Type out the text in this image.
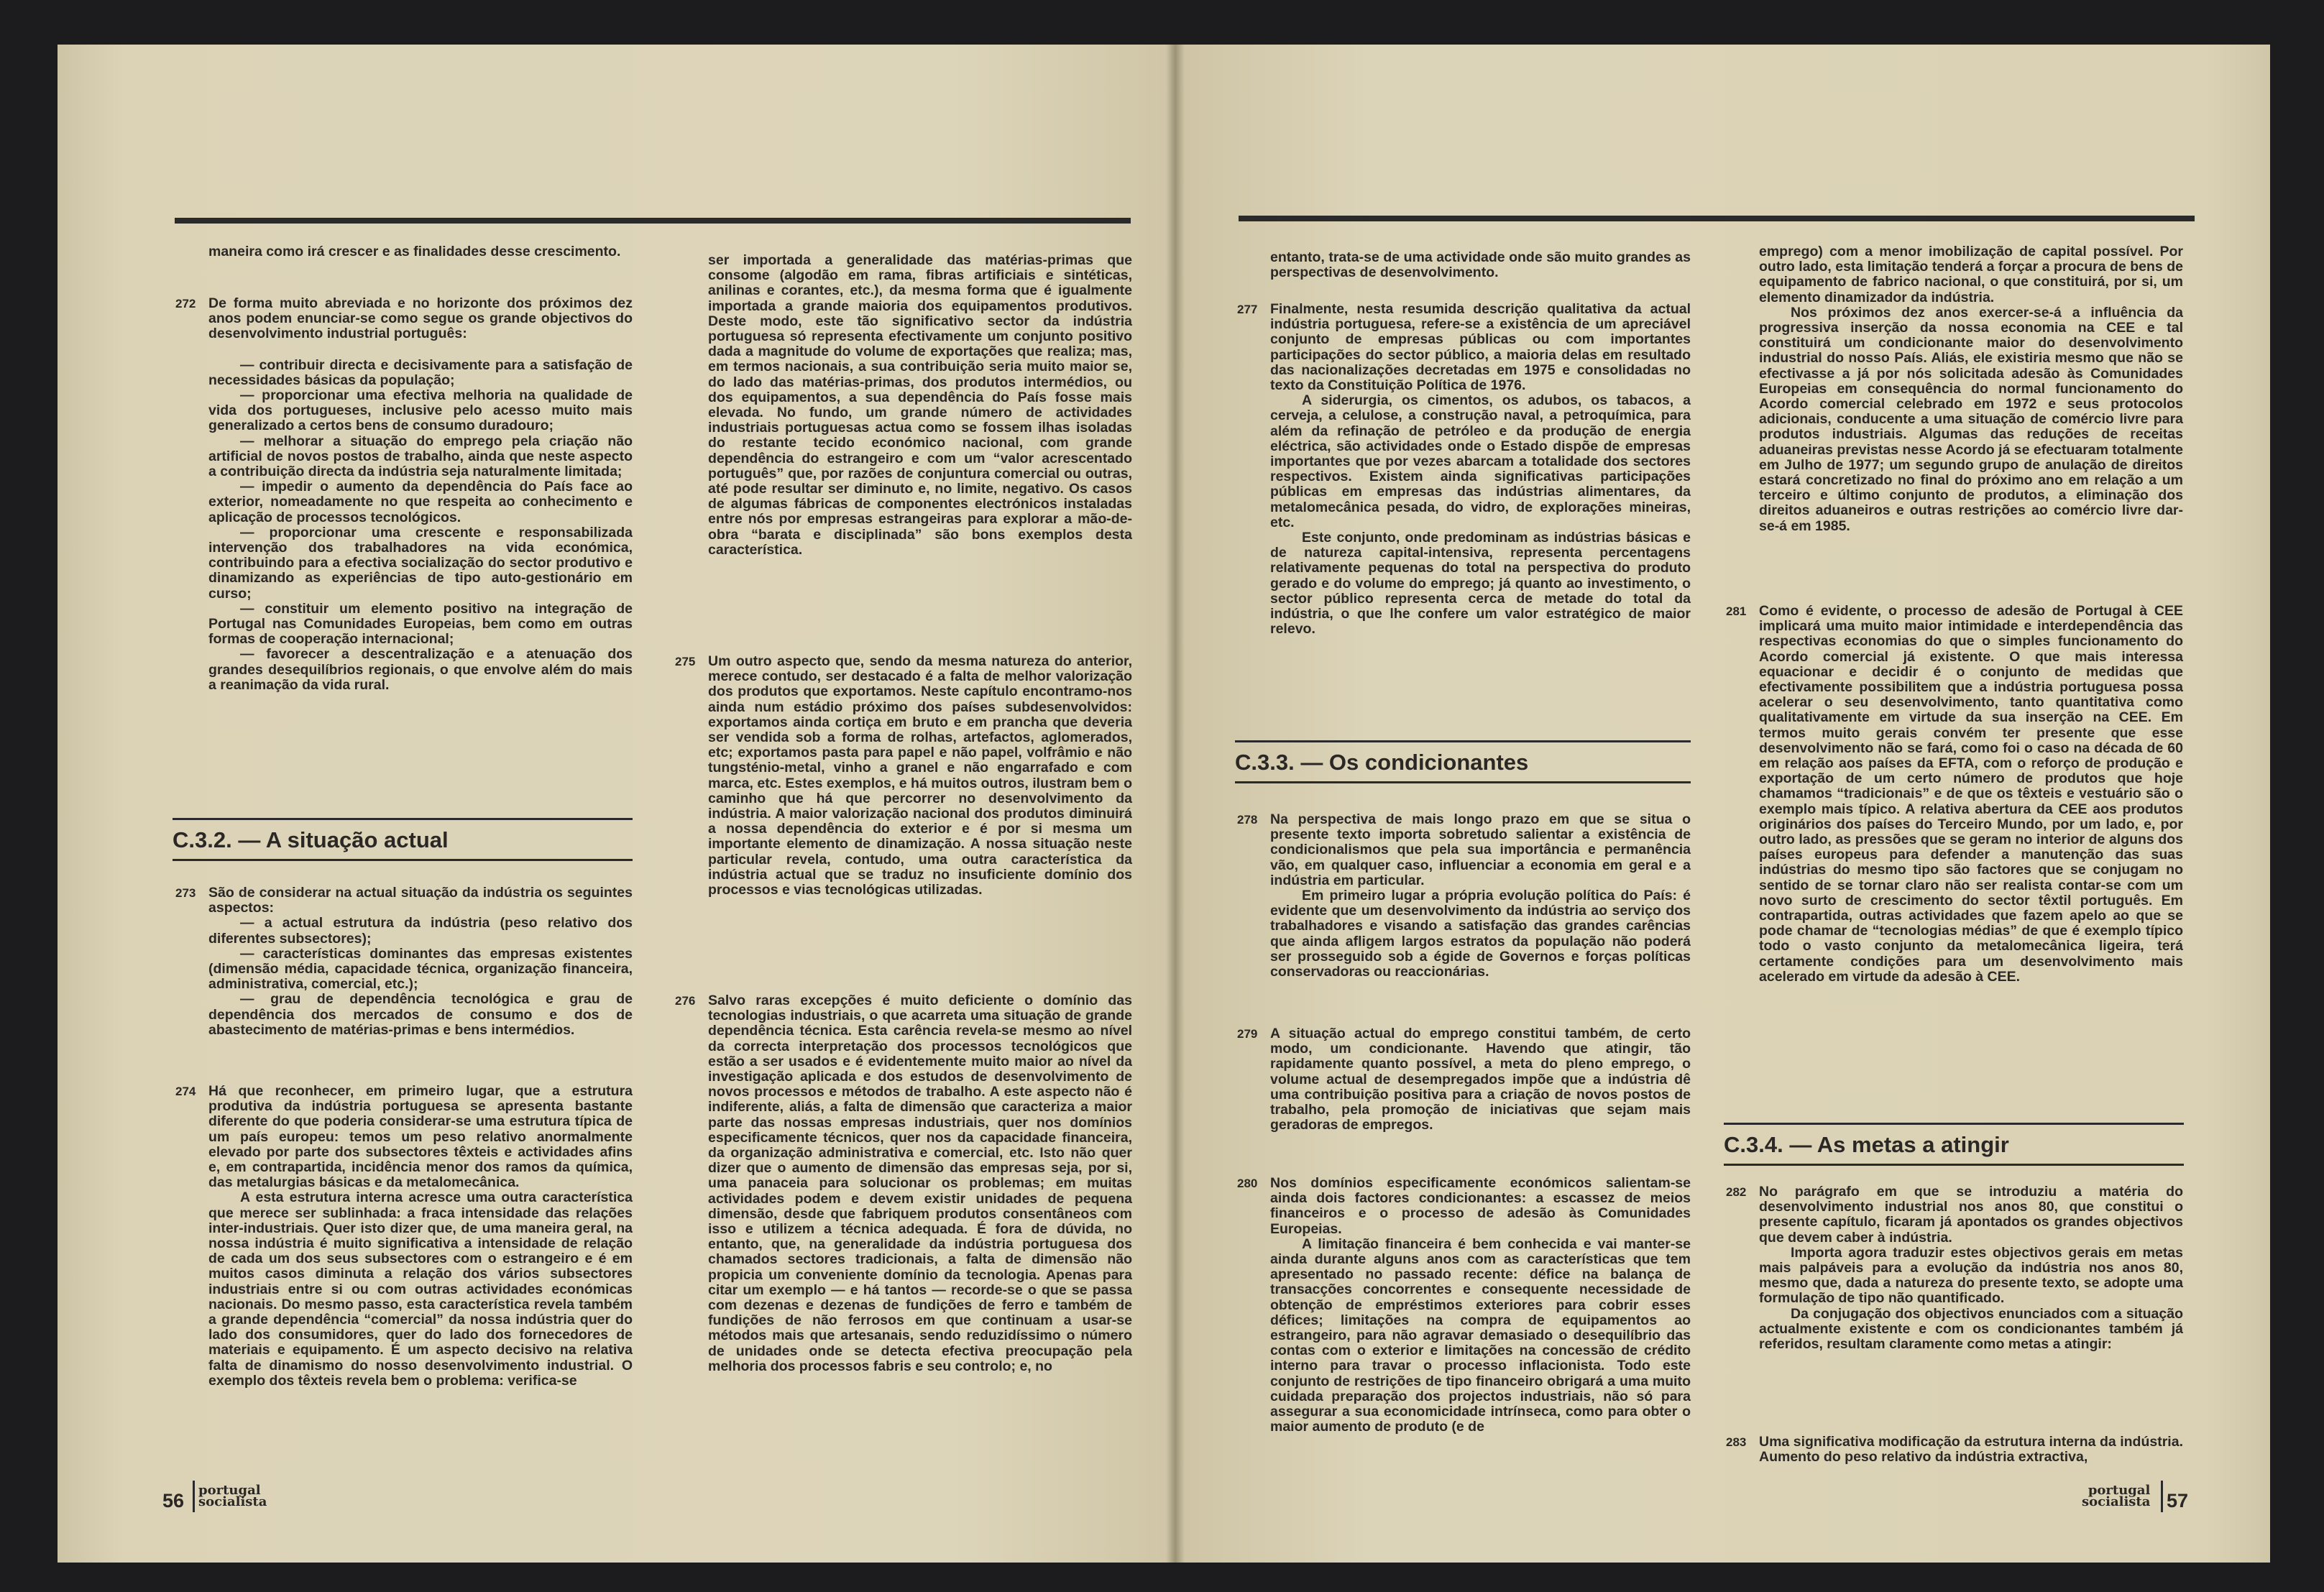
maneira como irá crescer e as finalidades desse crescimento.

272 De forma muito abreviada e no horizonte dos próximos dez anos podem enunciar-se como segue os grande objectivos do desenvolvimento industrial português:

— contribuir directa e decisivamente para a satisfação de necessidades básicas da população;

— proporcionar uma efectiva melhoria na qualidade de vida dos portugueses, inclusive pelo acesso muito mais generalizado a certos bens de consumo duradouro;

— melhorar a situação do emprego pela criação não artificial de novos postos de trabalho, ainda que neste aspecto a contribuição directa da indústria seja naturalmente limitada;

— impedir o aumento da dependência do País face ao exterior, nomeadamente no que respeita ao conhecimento e aplicação de processos tecnológicos.

— proporcionar uma crescente e responsabilizada intervenção dos trabalhadores na vida económica, contribuindo para a efectiva socialização do sector produtivo e dinamizando as experiências de tipo auto-gestionário em curso;

— constituir um elemento positivo na integração de Portugal nas Comunidades Europeias, bem como em outras formas de cooperação internacional;

— favorecer a descentralização e a atenuação dos grandes desequilíbrios regionais, o que envolve além do mais a reanimação da vida rural.

C.3.2. — A situação actual

273 São de considerar na actual situação da indústria os seguintes aspectos:

— a actual estrutura da indústria (peso relativo dos diferentes subsectores);

— características dominantes das empresas existentes (dimensão média, capacidade técnica, organização financeira, administrativa, comercial, etc.);

— grau de dependência tecnológica e grau de dependência dos mercados de consumo e dos de abastecimento de matérias-primas e bens intermédios.

274 Há que reconhecer, em primeiro lugar, que a estrutura produtiva da indústria portuguesa se apresenta bastante diferente do que poderia considerar-se uma estrutura típica de um país europeu: temos um peso relativo anormalmente elevado por parte dos subsectores têxteis e actividades afins e, em contrapartida, incidência menor dos ramos da química, das metalurgias básicas e da metalomecânica.

A esta estrutura interna acresce uma outra característica que merece ser sublinhada: a fraca intensidade das relações inter-industriais. Quer isto dizer que, de uma maneira geral, na nossa indústria é muito significativa a intensidade de relação de cada um dos seus subsectores com o estrangeiro e é em muitos casos diminuta a relação dos vários subsectores industriais entre si ou com outras actividades económicas nacionais. Do mesmo passo, esta característica revela também a grande dependência “comercial” da nossa indústria quer do lado dos consumidores, quer do lado dos fornecedores de materiais e equipamento. É um aspecto decisivo na relativa falta de dinamismo do nosso desenvolvimento industrial. O exemplo dos têxteis revela bem o problema: verifica-se

ser importada a generalidade das matérias-primas que consome (algodão em rama, fibras artificiais e sintéticas, anilinas e corantes, etc.), da mesma forma que é igualmente importada a grande maioria dos equipamentos produtivos. Deste modo, este tão significativo sector da indústria portuguesa só representa efectivamente um conjunto positivo dada a magnitude do volume de exportações que realiza; mas, em termos nacionais, a sua contribuição seria muito maior se, do lado das matérias-primas, dos produtos intermédios, ou dos equipamentos, a sua dependência do País fosse mais elevada. No fundo, um grande número de actividades industriais portuguesas actua como se fossem ilhas isoladas do restante tecido económico nacional, com grande dependência do estrangeiro e com um “valor acrescentado português” que, por razões de conjuntura comercial ou outras, até pode resultar ser diminuto e, no limite, negativo. Os casos de algumas fábricas de componentes electrónicos instaladas entre nós por empresas estrangeiras para explorar a mão-de-obra “barata e disciplinada” são bons exemplos desta característica.

275 Um outro aspecto que, sendo da mesma natureza do anterior, merece contudo, ser destacado é a falta de melhor valorização dos produtos que exportamos. Neste capítulo encontramo-nos ainda num estádio próximo dos países subdesenvolvidos: exportamos ainda cortiça em bruto e em prancha que deveria ser vendida sob a forma de rolhas, artefactos, aglomerados, etc; exportamos pasta para papel e não papel, volfrâmio e não tungsténio-metal, vinho a granel e não engarrafado e com marca, etc. Estes exemplos, e há muitos outros, ilustram bem o caminho que há que percorrer no desenvolvimento da indústria. A maior valorização nacional dos produtos diminuirá a nossa dependência do exterior e é por si mesma um importante elemento de dinamização. A nossa situação neste particular revela, contudo, uma outra característica da indústria actual que se traduz no insuficiente domínio dos processos e vias tecnológicas utilizadas.

276 Salvo raras excepções é muito deficiente o domínio das tecnologias industriais, o que acarreta uma situação de grande dependência técnica. Esta carência revela-se mesmo ao nível da correcta interpretação dos processos tecnológicos que estão a ser usados e é evidentemente muito maior ao nível da investigação aplicada e dos estudos de desenvolvimento de novos processos e métodos de trabalho. A este aspecto não é indiferente, aliás, a falta de dimensão que caracteriza a maior parte das nossas empresas industriais, quer nos domínios especificamente técnicos, quer nos da capacidade financeira, da organização administrativa e comercial, etc. Isto não quer dizer que o aumento de dimensão das empresas seja, por si, uma panaceia para solucionar os problemas; em muitas actividades podem e devem existir unidades de pequena dimensão, desde que fabriquem produtos consentâneos com isso e utilizem a técnica adequada. É fora de dúvida, no entanto, que, na generalidade da indústria portuguesa dos chamados sectores tradicionais, a falta de dimensão não propicia um conveniente domínio da tecnologia. Apenas para citar um exemplo — e há tantos — recorde-se o que se passa com dezenas e dezenas de fundições de ferro e também de fundições de não ferrosos em que continuam a usar-se métodos mais que artesanais, sendo reduzidíssimo o número de unidades onde se detecta efectiva preocupação pela melhoria dos processos fabris e seu controlo; e, no

56 portugal
socialista

entanto, trata-se de uma actividade onde são muito grandes as perspectivas de desenvolvimento.

277 Finalmente, nesta resumida descrição qualitativa da actual indústria portuguesa, refere-se a existência de um apreciável conjunto de empresas públicas ou com importantes participações do sector público, a maioria delas em resultado das nacionalizações decretadas em 1975 e consolidadas no texto da Constituição Política de 1976.

A siderurgia, os cimentos, os adubos, os tabacos, a cerveja, a celulose, a construção naval, a petroquímica, para além da refinação de petróleo e da produção de energia eléctrica, são actividades onde o Estado dispõe de empresas importantes que por vezes abarcam a totalidade dos sectores respectivos. Existem ainda significativas participações públicas em empresas das indústrias alimentares, da metalomecânica pesada, do vidro, de explorações mineiras, etc.

Este conjunto, onde predominam as indústrias básicas e de natureza capital-intensiva, representa percentagens relativamente pequenas do total na perspectiva do produto gerado e do volume do emprego; já quanto ao investimento, o sector público representa cerca de metade do total da indústria, o que lhe confere um valor estratégico de maior relevo.

C.3.3. — Os condicionantes

278 Na perspectiva de mais longo prazo em que se situa o presente texto importa sobretudo salientar a existência de condicionalismos que pela sua importância e permanência vão, em qualquer caso, influenciar a economia em geral e a indústria em particular.

Em primeiro lugar a própria evolução política do País: é evidente que um desenvolvimento da indústria ao serviço dos trabalhadores e visando a satisfação das grandes carências que ainda afligem largos estratos da população não poderá ser prosseguido sob a égide de Governos e forças políticas conservadoras ou reaccionárias.

279 A situação actual do emprego constitui também, de certo modo, um condicionante. Havendo que atingir, tão rapidamente quanto possível, a meta do pleno emprego, o volume actual de desempregados impõe que a indústria dê uma contribuição positiva para a criação de novos postos de trabalho, pela promoção de iniciativas que sejam mais geradoras de empregos.

280 Nos domínios especificamente económicos salientam-se ainda dois factores condicionantes: a escassez de meios financeiros e o processo de adesão às Comunidades Europeias.

A limitação financeira é bem conhecida e vai manter-se ainda durante alguns anos com as características que tem apresentado no passado recente: défice na balança de transacções concorrentes e consequente necessidade de obtenção de empréstimos exteriores para cobrir esses défices; limitações na compra de equipamentos ao estrangeiro, para não agravar demasiado o desequilíbrio das contas com o exterior e limitações na concessão de crédito interno para travar o processo inflacionista. Todo este conjunto de restrições de tipo financeiro obrigará a uma muito cuidada preparação dos projectos industriais, não só para assegurar a sua economicidade intrínseca, como para obter o maior aumento de produto (e de

emprego) com a menor imobilização de capital possível. Por outro lado, esta limitação tenderá a forçar a procura de bens de equipamento de fabrico nacional, o que constituirá, por si, um elemento dinamizador da indústria.

Nos próximos dez anos exercer-se-á a influência da progressiva inserção da nossa economia na CEE e tal constituirá um condicionante maior do desenvolvimento industrial do nosso País. Aliás, ele existiria mesmo que não se efectivasse a já por nós solicitada adesão às Comunidades Europeias em consequência do normal funcionamento do Acordo comercial celebrado em 1972 e seus protocolos adicionais, conducente a uma situação de comércio livre para produtos industriais. Algumas das reduções de receitas aduaneiras previstas nesse Acordo já se efectuaram totalmente em Julho de 1977; um segundo grupo de anulação de direitos estará concretizado no final do próximo ano em relação a um terceiro e último conjunto de produtos, a eliminação dos direitos aduaneiros e outras restrições ao comércio livre dar-se-á em 1985.

281 Como é evidente, o processo de adesão de Portugal à CEE implicará uma muito maior intimidade e interdependência das respectivas economias do que o simples funcionamento do Acordo comercial já existente. O que mais interessa equacionar e decidir é o conjunto de medidas que efectivamente possibilitem que a indústria portuguesa possa acelerar o seu desenvolvimento, tanto quantitativa como qualitativamente em virtude da sua inserção na CEE. Em termos muito gerais convém ter presente que esse desenvolvimento não se fará, como foi o caso na década de 60 em relação aos países da EFTA, com o reforço de produção e exportação de um certo número de produtos que hoje chamamos “tradicionais” e de que os têxteis e vestuário são o exemplo mais típico. A relativa abertura da CEE aos produtos originários dos países do Terceiro Mundo, por um lado, e, por outro lado, as pressões que se geram no interior de alguns dos países europeus para defender a manutenção das suas indústrias do mesmo tipo são factores que se conjugam no sentido de se tornar claro não ser realista contar-se com um novo surto de crescimento do sector têxtil português. Em contrapartida, outras actividades que fazem apelo ao que se pode chamar de “tecnologias médias” de que é exemplo típico todo o vasto conjunto da metalomecânica ligeira, terá certamente condições para um desenvolvimento mais acelerado em virtude da adesão à CEE.

C.3.4. — As metas a atingir

282 No parágrafo em que se introduziu a matéria do desenvolvimento industrial nos anos 80, que constitui o presente capítulo, ficaram já apontados os grandes objectivos que devem caber à indústria.

Importa agora traduzir estes objectivos gerais em metas mais palpáveis para a evolução da indústria nos anos 80, mesmo que, dada a natureza do presente texto, se adopte uma formulação de tipo não quantificado.

Da conjugação dos objectivos enunciados com a situação actualmente existente e com os condicionantes também já referidos, resultam claramente como metas a atingir:

283 Uma significativa modificação da estrutura interna da indústria. Aumento do peso relativo da indústria extractiva,

portugal
socialista 57
